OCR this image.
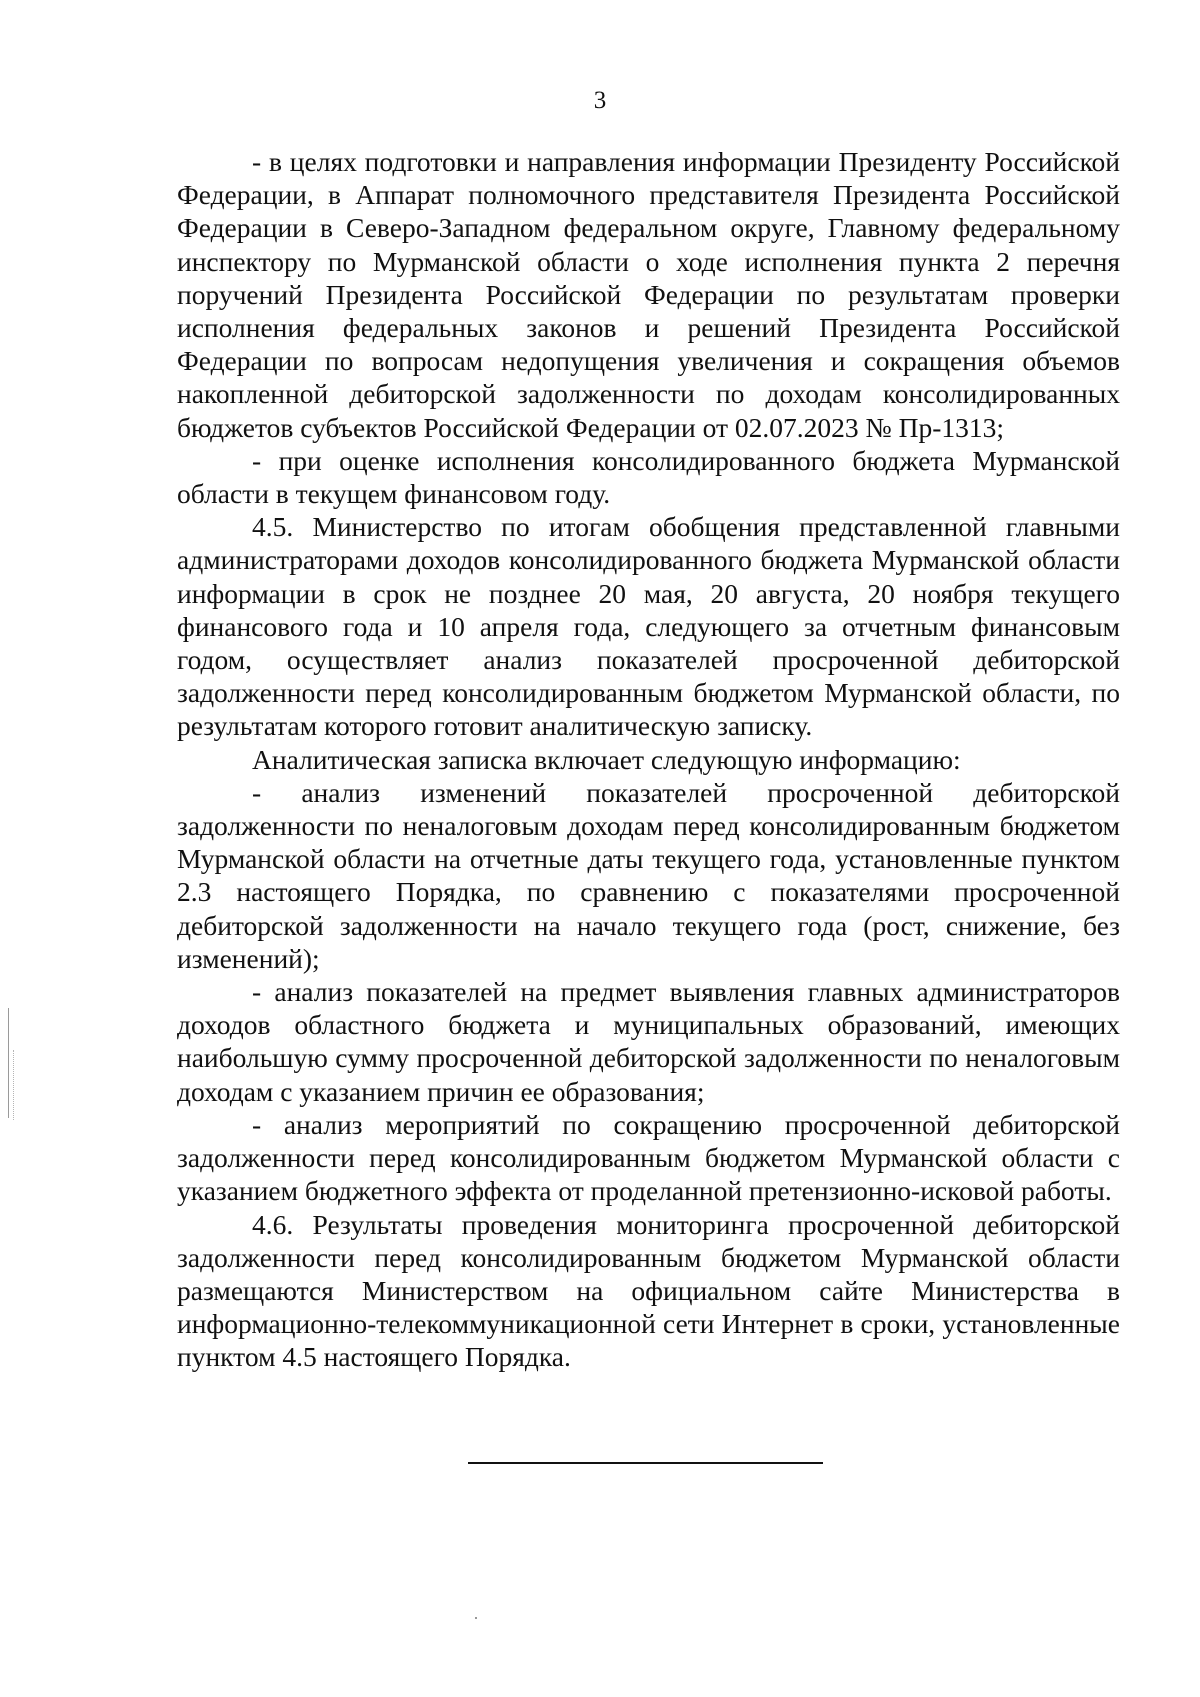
3

- в целях подготовки и направления информации Президенту Российской Федерации, в Аппарат полномочного представителя Президента Российской Федерации в Северо-Западном федеральном округе, Главному федеральному инспектору по Мурманской области о ходе исполнения пункта 2 перечня поручений Президента Российской Федерации по результатам проверки исполнения федеральных законов и решений Президента Российской Федерации по вопросам недопущения увеличения и сокращения объемов накопленной дебиторской задолженности по доходам консолидированных бюджетов субъектов Российской Федерации от 02.07.2023 № Пр-1313;

- при оценке исполнения консолидированного бюджета Мурманской области в текущем финансовом году.

4.5. Министерство по итогам обобщения представленной главными администраторами доходов консолидированного бюджета Мурманской области информации в срок не позднее 20 мая, 20 августа, 20 ноября текущего финансового года и 10 апреля года, следующего за отчетным финансовым годом, осуществляет анализ показателей просроченной дебиторской задолженности перед консолидированным бюджетом Мурманской области, по результатам которого готовит аналитическую записку.

Аналитическая записка включает следующую информацию:

- анализ изменений показателей просроченной дебиторской задолженности по неналоговым доходам перед консолидированным бюджетом Мурманской области на отчетные даты текущего года, установленные пунктом 2.3 настоящего Порядка, по сравнению с показателями просроченной дебиторской задолженности на начало текущего года (рост, снижение, без изменений);

- анализ показателей на предмет выявления главных администраторов доходов областного бюджета и муниципальных образований, имеющих наибольшую сумму просроченной дебиторской задолженности по неналоговым доходам с указанием причин ее образования;

- анализ мероприятий по сокращению просроченной дебиторской задолженности перед консолидированным бюджетом Мурманской области с указанием бюджетного эффекта от проделанной претензионно-исковой работы.

4.6. Результаты проведения мониторинга просроченной дебиторской задолженности перед консолидированным бюджетом Мурманской области размещаются Министерством на официальном сайте Министерства в информационно-телекоммуникационной сети Интернет в сроки, установленные пунктом 4.5 настоящего Порядка.
